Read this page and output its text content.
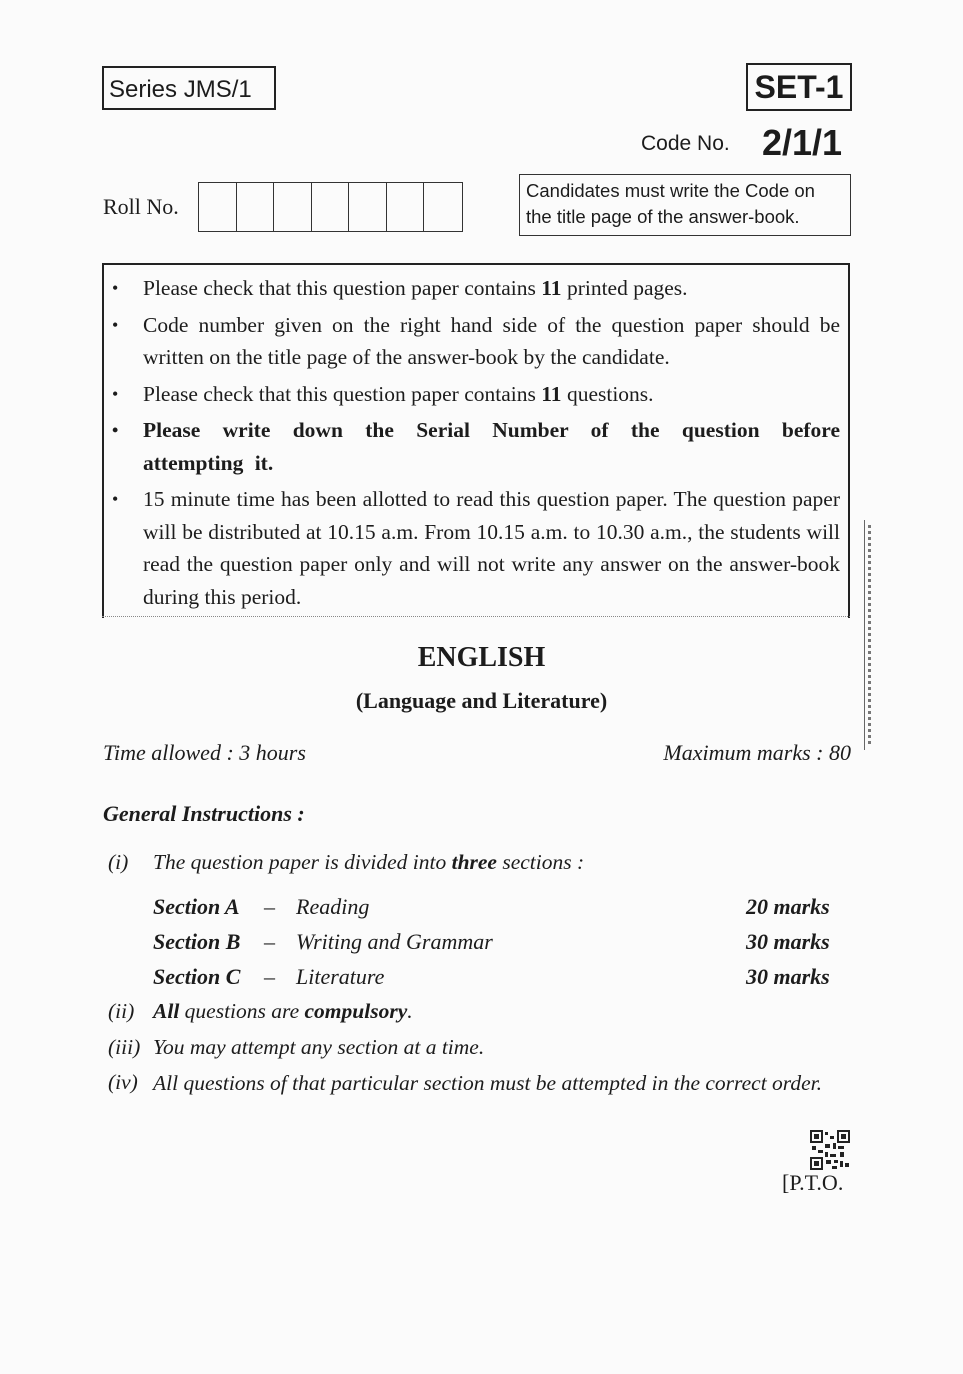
Series JMS/1	SET-1
Code No. 2/1/1
Roll No.
Candidates must write the Code on the title page of the answer-book.
• Please check that this question paper contains 11 printed pages.
• Code number given on the right hand side of the question paper should be written on the title page of the answer-book by the candidate.
• Please check that this question paper contains 11 questions.
• Please write down the Serial Number of the question before attempting it.
• 15 minute time has been allotted to read this question paper. The question paper will be distributed at 10.15 a.m. From 10.15 a.m. to 10.30 a.m., the students will read the question paper only and will not write any answer on the answer-book during this period.
ENGLISH
(Language and Literature)
Time allowed : 3 hours	Maximum marks : 80
General Instructions :
(i) The question paper is divided into three sections :
Section A – Reading	20 marks
Section B – Writing and Grammar	30 marks
Section C – Literature	30 marks
(ii) All questions are compulsory.
(iii) You may attempt any section at a time.
(iv) All questions of that particular section must be attempted in the correct order.
[P.T.O.
